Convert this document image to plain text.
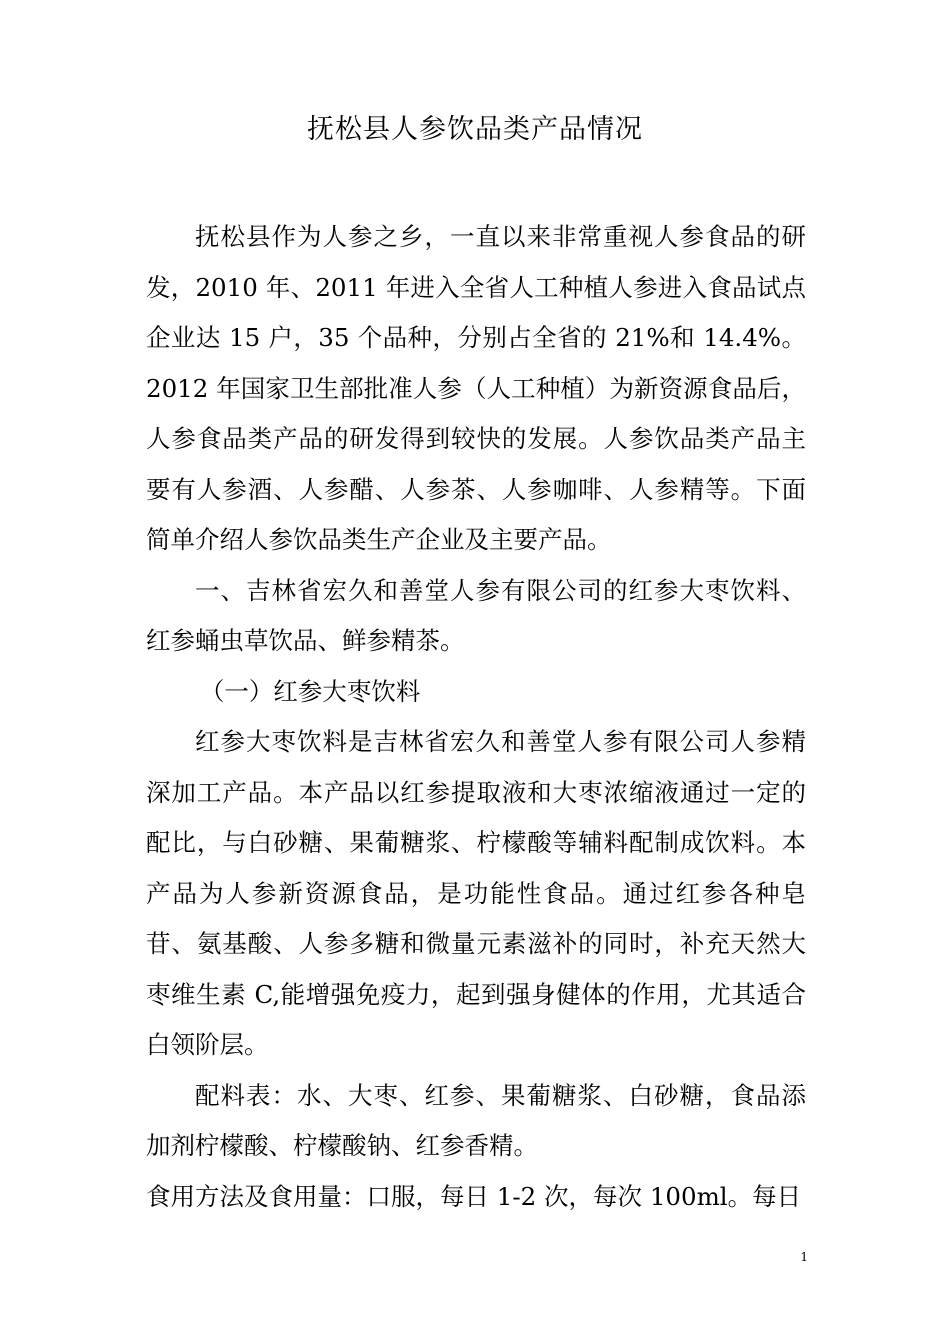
抚松县人参饮品类产品情况

抚松县作为人参之乡，一直以来非常重视人参食品的研发，2010 年、2011 年进入全省人工种植人参进入食品试点企业达 15 户，35 个品种，分别占全省的 21%和 14.4%。2012 年国家卫生部批准人参（人工种植）为新资源食品后，人参食品类产品的研发得到较快的发展。人参饮品类产品主要有人参酒、人参醋、人参茶、人参咖啡、人参精等。下面简单介绍人参饮品类生产企业及主要产品。

一、吉林省宏久和善堂人参有限公司的红参大枣饮料、红参蛹虫草饮品、鲜参精茶。

（一）红参大枣饮料

红参大枣饮料是吉林省宏久和善堂人参有限公司人参精深加工产品。本产品以红参提取液和大枣浓缩液通过一定的配比，与白砂糖、果葡糖浆、柠檬酸等辅料配制成饮料。本产品为人参新资源食品，是功能性食品。通过红参各种皂苷、氨基酸、人参多糖和微量元素滋补的同时，补充天然大枣维生素 C,能增强免疫力，起到强身健体的作用，尤其适合白领阶层。

配料表：水、大枣、红参、果葡糖浆、白砂糖，食品添加剂柠檬酸、柠檬酸钠、红参香精。

食用方法及食用量：口服，每日 1-2 次，每次 100ml。每日

1
